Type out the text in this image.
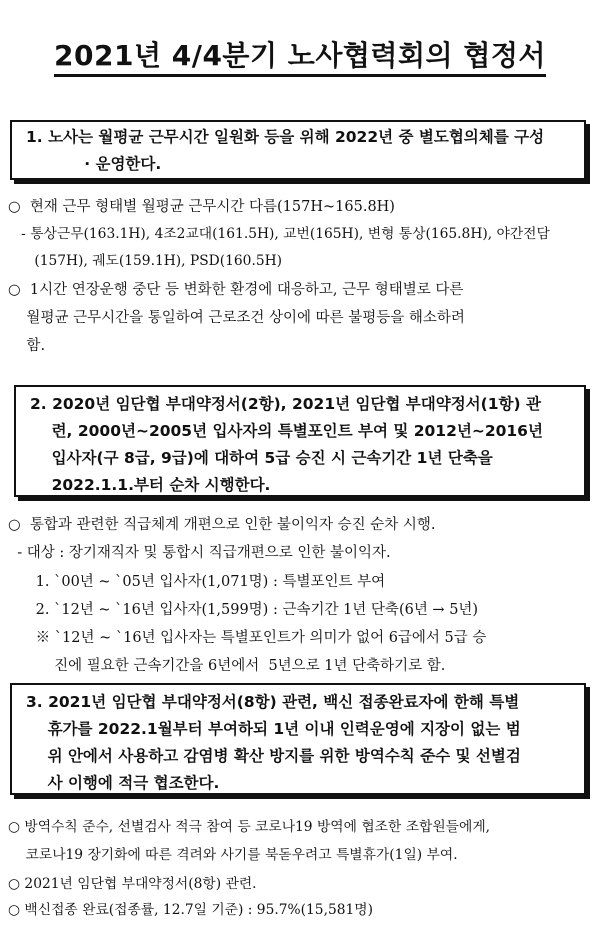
2021년 4/4분기 노사협력회의 협정서
1. 노사는 월평균 근무시간 일원화 등을 위해 2022년 중 별도협의체를 구성
· 운영한다.
○  현재 근무 형태별 월평균 근무시간 다름(157H~165.8H)
- 통상근무(163.1H), 4조2교대(161.5H), 교번(165H), 변형 통상(165.8H), 야간전담
(157H), 궤도(159.1H), PSD(160.5H)
○  1시간 연장운행 중단 등 변화한 환경에 대응하고, 근무 형태별로 다른
월평균 근무시간을 통일하여 근로조건 상이에 따른 불평등을 해소하려
함.
2. 2020년 임단협 부대약정서(2항), 2021년 임단협 부대약정서(1항) 관
련, 2000년~2005년 입사자의 특별포인트 부여 및 2012년~2016년
입사자(구 8급, 9급)에 대하여 5급 승진 시 근속기간 1년 단축을
2022.1.1.부터 순차 시행한다.
○  통합과 관련한 직급체계 개편으로 인한 불이익자 승진 순차 시행.
- 대상 : 장기재직자 및 통합시 직급개편으로 인한 불이익자.
1. `00년 ~ `05년 입사자(1,071명) : 특별포인트 부여
2. `12년 ~ `16년 입사자(1,599명) : 근속기간 1년 단축(6년 → 5년)
※ `12년 ~ `16년 입사자는 특별포인트가 의미가 없어 6급에서 5급 승
진에 필요한 근속기간을 6년에서  5년으로 1년 단축하기로 함.
3. 2021년 임단협 부대약정서(8항) 관련, 백신 접종완료자에 한해 특별
휴가를 2022.1월부터 부여하되 1년 이내 인력운영에 지장이 없는 범
위 안에서 사용하고 감염병 확산 방지를 위한 방역수칙 준수 및 선별검
사 이행에 적극 협조한다.
○ 방역수칙 준수, 선별검사 적극 참여 등 코로나19 방역에 협조한 조합원들에게,
코로나19 장기화에 따른 격려와 사기를 북돋우려고 특별휴가(1일) 부여.
○ 2021년 임단협 부대약정서(8항) 관련.
○ 백신접종 완료(접종률, 12.7일 기준) : 95.7%(15,581명)
